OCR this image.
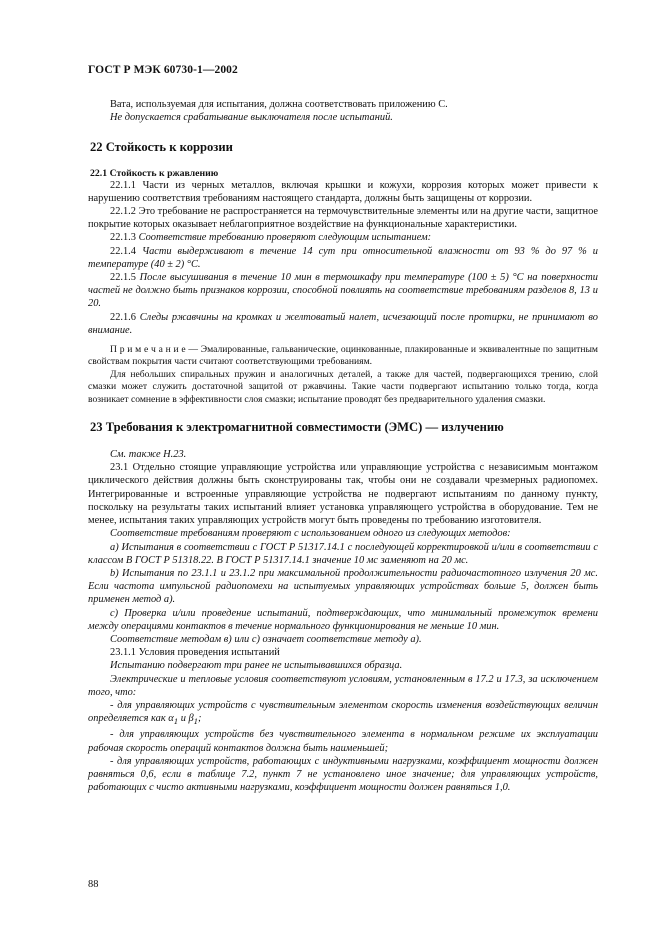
ГОСТ Р МЭК 60730-1—2002

Вата, используемая для испытания, должна соответствовать приложению С.

Не допускается срабатывание выключателя после испытаний.

22 Стойкость к коррозии
22.1 Стойкость к ржавлению

22.1.1 Части из черных металлов, включая крышки и кожухи, коррозия которых может привести к нарушению соответствия требованиям настоящего стандарта, должны быть защищены от коррозии.

22.1.2 Это требование не распространяется на термочувствительные элементы или на другие части, защитное покрытие которых оказывает неблагоприятное воздействие на функциональные характеристики.

22.1.3 Соответствие требованию проверяют следующим испытанием:

22.1.4 Части выдерживают в течение 14 сут при относительной влажности от 93 % до 97 % и температуре (40 ± 2) °С.

22.1.5 После высушивания в течение 10 мин в термошкафу при температуре (100 ± 5) °С на поверхности частей не должно быть признаков коррозии, способной повлиять на соответствие требованиям разделов 8, 13 и 20.

22.1.6 Следы ржавчины на кромках и желтоватый налет, исчезающий после протирки, не принимают во внимание.

П р и м е ч а н и е — Эмалированные, гальванические, оцинкованные, плакированные и эквивалентные по защитным свойствам покрытия части считают соответствующими требованиям.

Для небольших спиральных пружин и аналогичных деталей, а также для частей, подвергающихся трению, слой смазки может служить достаточной защитой от ржавчины. Такие части подвергают испытанию только тогда, когда возникает сомнение в эффективности слоя смазки; испытание проводят без предварительного удаления смазки.

23 Требования к электромагнитной совместимости (ЭМС) — излучению

См. также Н.23.

23.1 Отдельно стоящие управляющие устройства или управляющие устройства с независимым монтажом циклического действия должны быть сконструированы так, чтобы они не создавали чрезмерных радиопомех. Интегрированные и встроенные управляющие устройства не подвергают испытаниям по данному пункту, поскольку на результаты таких испытаний влияет установка управляющего устройства в оборудование. Тем не менее, испытания таких управляющих устройств могут быть проведены по требованию изготовителя.

Соответствие требованиям проверяют с использованием одного из следующих методов:

а) Испытания в соответствии с ГОСТ Р 51317.14.1 с последующей корректировкой и/или в соответствии с классом В ГОСТ Р 51318.22. В ГОСТ Р 51317.14.1 значение 10 мс заменяют на 20 мс.

b) Испытания по 23.1.1 и 23.1.2 при максимальной продолжительности радиочастотного излучения 20 мс. Если частота импульсной радиопомехи на испытуемых управляющих устройствах больше 5, должен быть применен метод а).

с) Проверка и/или проведение испытаний, подтверждающих, что минимальный промежуток времени между операциями контактов в течение нормального функционирования не меньше 10 мин.

Соответствие методам в) или с) означает соответствие методу а).

23.1.1 Условия проведения испытаний

Испытанию подвергают три ранее не испытывавшихся образца.

Электрические и тепловые условия соответствуют условиям, установленным в 17.2 и 17.3, за исключением того, что:

- для управляющих устройств с чувствительным элементом скорость изменения воздействующих величин определяется как $\alpha_1$ и $\beta_1$;

- для управляющих устройств без чувствительного элемента в нормальном режиме их эксплуатации рабочая скорость операций контактов должна быть наименьшей;

- для управляющих устройств, работающих с индуктивными нагрузками, коэффициент мощности должен равняться 0,6, если в таблице 7.2, пункт 7 не установлено иное значение; для управляющих устройств, работающих с чисто активными нагрузками, коэффициент мощности должен равняться 1,0.

88
